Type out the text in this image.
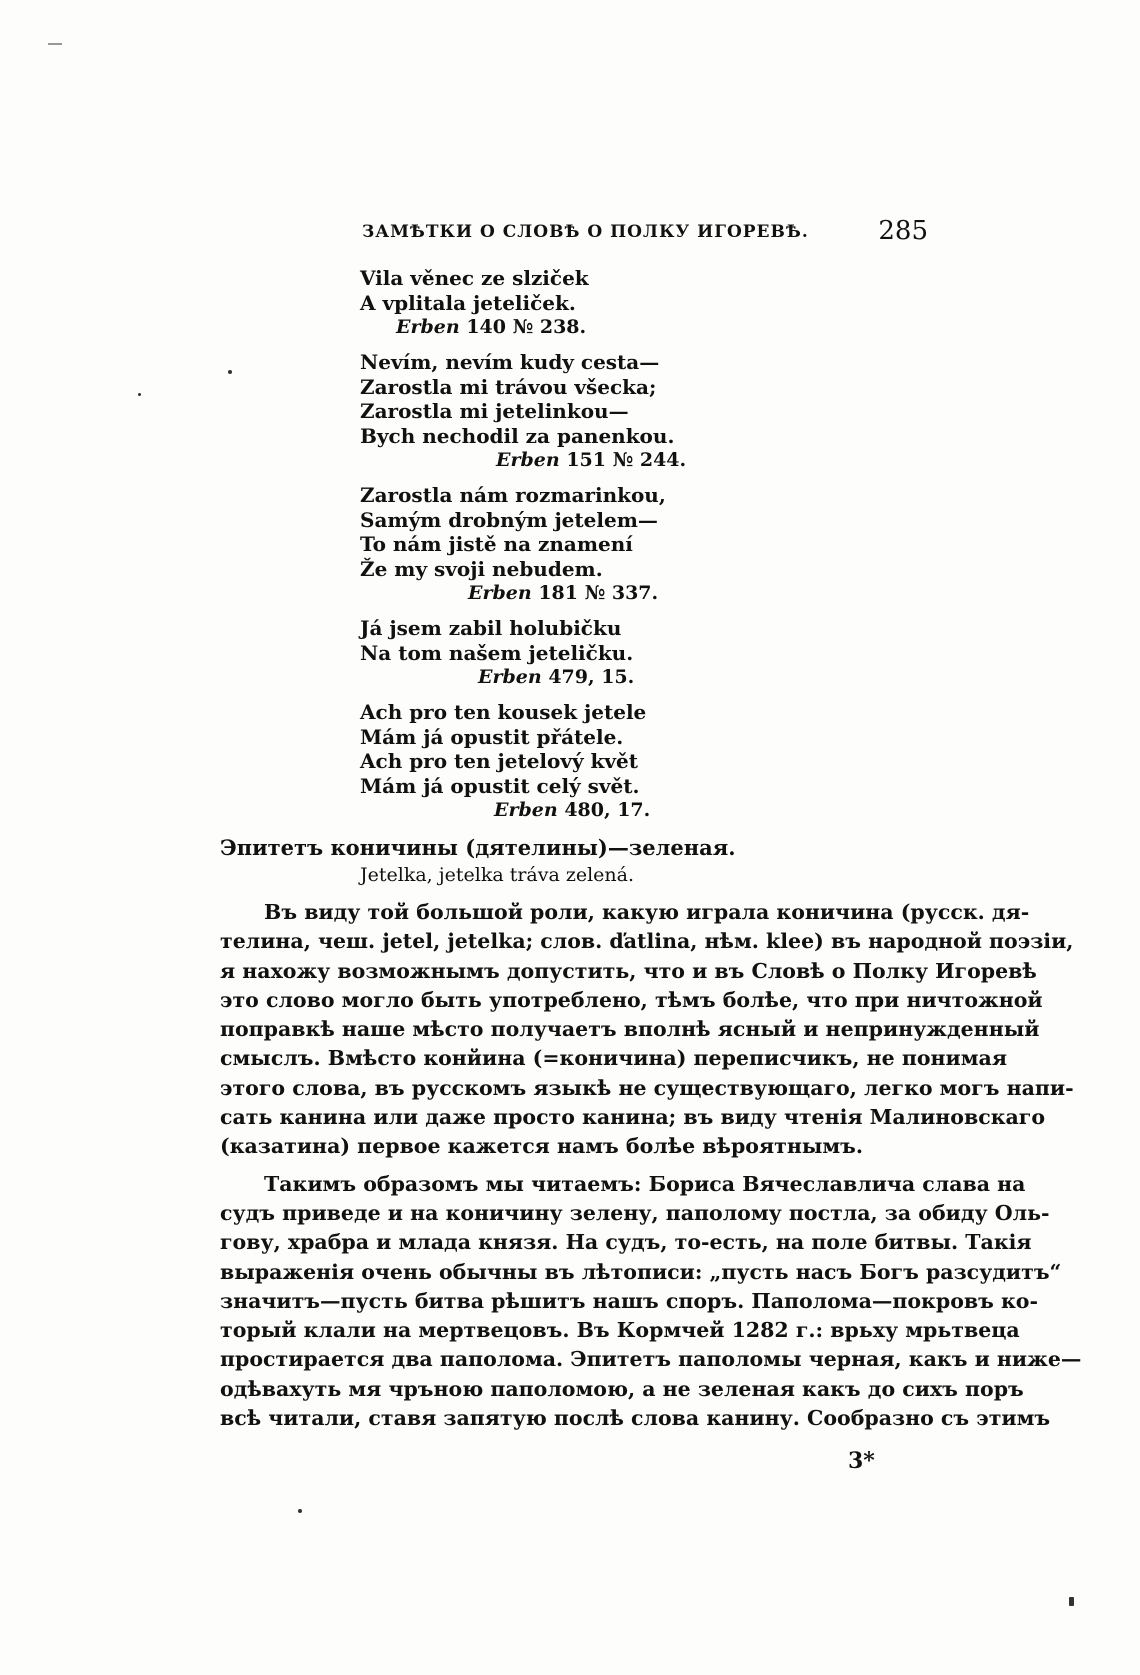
ЗАМѢТКИ О СЛОВѢ О ПОЛКУ ИГОРЕВѢ.	285
Vila věnec ze slziček
A vplitala jeteliček.
Erben 140 № 238.
Nevím, nevím kudy cesta—
Zarostla mi trávou všecka;
Zarostla mi jetelinkou—
Bych nechodil za panenkou.
Erben 151 № 244.
Zarostla nám rozmarinkou,
Samým drobným jetelem—
To nám jistě na znamení
Že my svoji nebudem.
Erben 181 № 337.
Já jsem zabil holubičku
Na tom našem jeteličku.
Erben 479, 15.
Ach pro ten kousek jetele
Mám já opustit přátele.
Ach pro ten jetelový květ
Mám já opustit celý svět.
Erben 480, 17.
Эпитетъ коничины (дятелины)—зеленая.
Jetelka, jetelka tráva zelená.
Въ виду той большой роли, какую играла коничина (русск. дя-
телина, чеш. jetel, jetelka; слов. ďatlina, нѣм. klee) въ народной поэзіи,
я нахожу возможнымъ допустить, что и въ Словѣ о Полку Игоревѣ
это слово могло быть употреблено, тѣмъ болѣе, что при ничтожной
поправкѣ наше мѣсто получаетъ вполнѣ ясный и непринужденный
смыслъ. Вмѣсто конйина (=коничина) переписчикъ, не понимая
этого слова, въ русскомъ языкѣ не существующаго, легко могъ напи-
сать канина или даже просто канина; въ виду чтенія Малиновскаго
(казатина) первое кажется намъ болѣе вѣроятнымъ.
Такимъ образомъ мы читаемъ: Бориса Вячеславлича слава на
судъ приведе и на коничину зелену, паполому постла, за обиду Оль-
гову, храбра и млада князя. На судъ, то-есть, на поле битвы. Такія
выраженія очень обычны въ лѣтописи: „пусть насъ Богъ разсудитъ“
значитъ—пусть битва рѣшитъ нашъ споръ. Паполома—покровъ ко-
торый клали на мертвецовъ. Въ Кормчей 1282 г.: врьху мрьтвеца
простирается два паполома. Эпитетъ паполомы черная, какъ и ниже—
одѣвахуть мя чръною паполомою, а не зеленая какъ до сихъ поръ
всѣ читали, ставя запятую послѣ слова канину. Сообразно съ этимъ
3*
